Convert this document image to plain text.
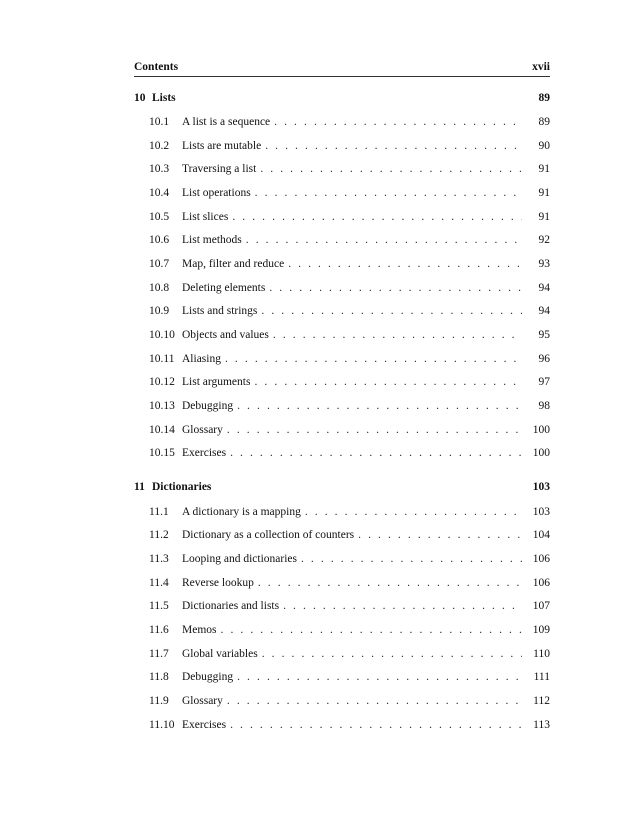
Contents	xvii
10 Lists	89
10.1 A list is a sequence . . .	89
10.2 Lists are mutable . . .	90
10.3 Traversing a list . . .	91
10.4 List operations . . .	91
10.5 List slices . . .	91
10.6 List methods . . .	92
10.7 Map, filter and reduce . . .	93
10.8 Deleting elements . . .	94
10.9 Lists and strings . . .	94
10.10 Objects and values . . .	95
10.11 Aliasing . . .	96
10.12 List arguments . . .	97
10.13 Debugging . . .	98
10.14 Glossary . . .	100
10.15 Exercises . . .	100
11 Dictionaries	103
11.1 A dictionary is a mapping . . .	103
11.2 Dictionary as a collection of counters . . .	104
11.3 Looping and dictionaries . . .	106
11.4 Reverse lookup . . .	106
11.5 Dictionaries and lists . . .	107
11.6 Memos . . .	109
11.7 Global variables . . .	110
11.8 Debugging . . .	111
11.9 Glossary . . .	112
11.10 Exercises . . .	113
